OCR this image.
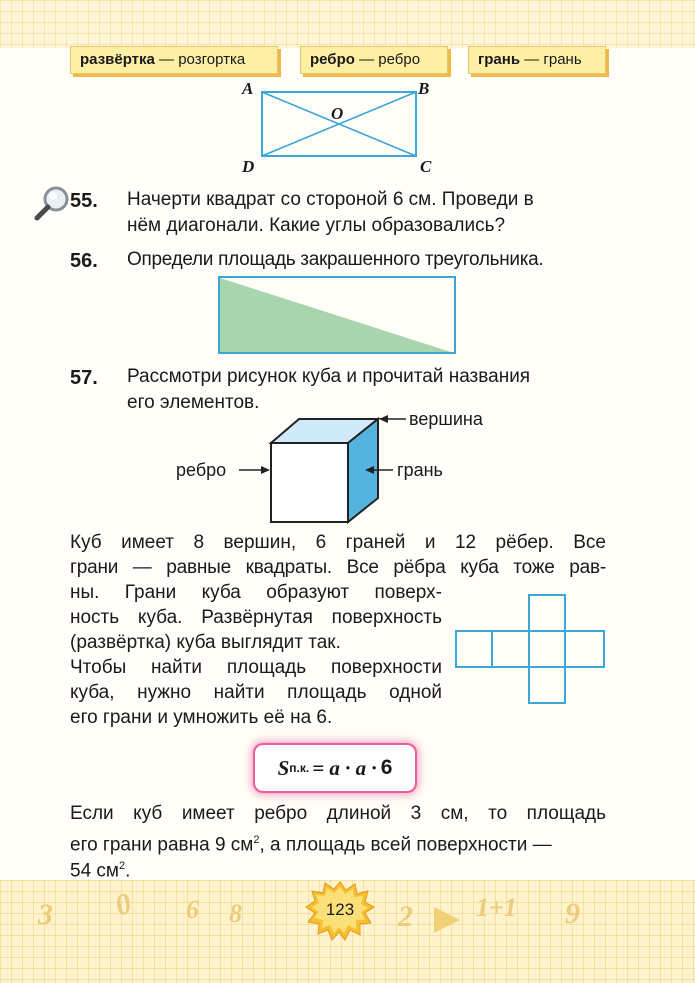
развёртка — розгортка	ребро — ребро	грань — грань
A	B
C
D
O
55. Начерти квадрат со стороной 6 см. Проведи в
нём диагонали. Какие углы образовались?
56. Определи площадь закрашенного треугольника.
57. Рассмотри рисунок куба и прочитай названия
его элементов.
вершина
ребро	грань
Куб имеет 8 вершин, 6 граней и 12 рёбер. Все
грани — равные квадраты. Все рёбра куба тоже рав-
ны. Грани куба образуют поверх-
ность куба. Развёрнутая поверхность
(развёртка) куба выглядит так.
Чтобы найти площадь поверхности
куба, нужно найти площадь одной
его грани и умножить её на 6.
S п.к. = a · a · 6
Если куб имеет ребро длиной 3 см, то площадь
его грани равна 9 $см^2$, а площадь всей поверхности —
54 $см^2$.
3 0 6 8	2 1+1 9
123
